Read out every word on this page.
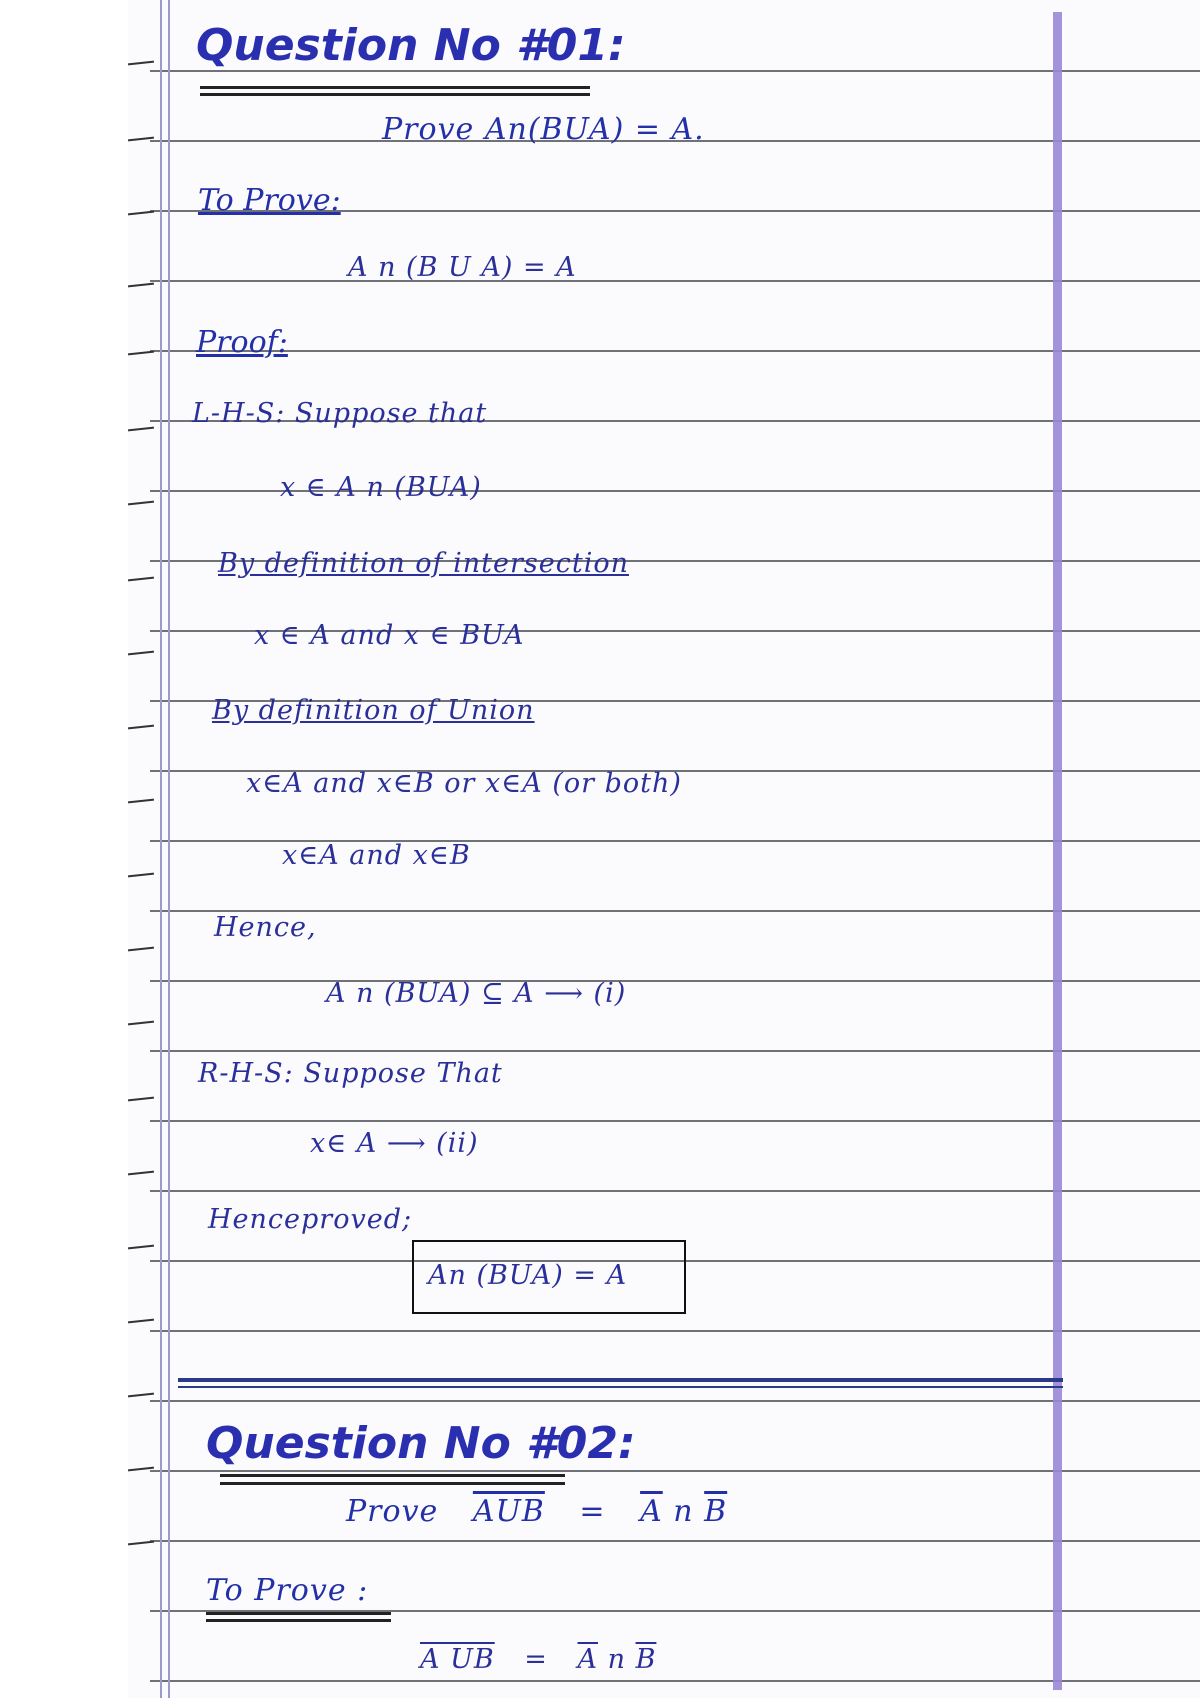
Question No #01:
Prove An(BUA) = A.
To Prove:
A n (B U A) = A
Proof:
L-H-S: Suppose that
x ∈ A n (BUA)
By definition of intersection
x ∈ A and x ∈ BUA
By definition of Union
x∈A and x∈B or x∈A (or both)
x∈A and x∈B
Hence,
A n (BUA) ⊆ A ⟶ (i)
R-H-S: Suppose That
x∈ A ⟶ (ii)
Henceproved;
An (BUA) = A
Question No #02:
Prove $\overline{AUB} = \overline{A}$ n $\overline{B}$
To Prove :
A UB = $\overline{A}$ n $\overline{B}$
